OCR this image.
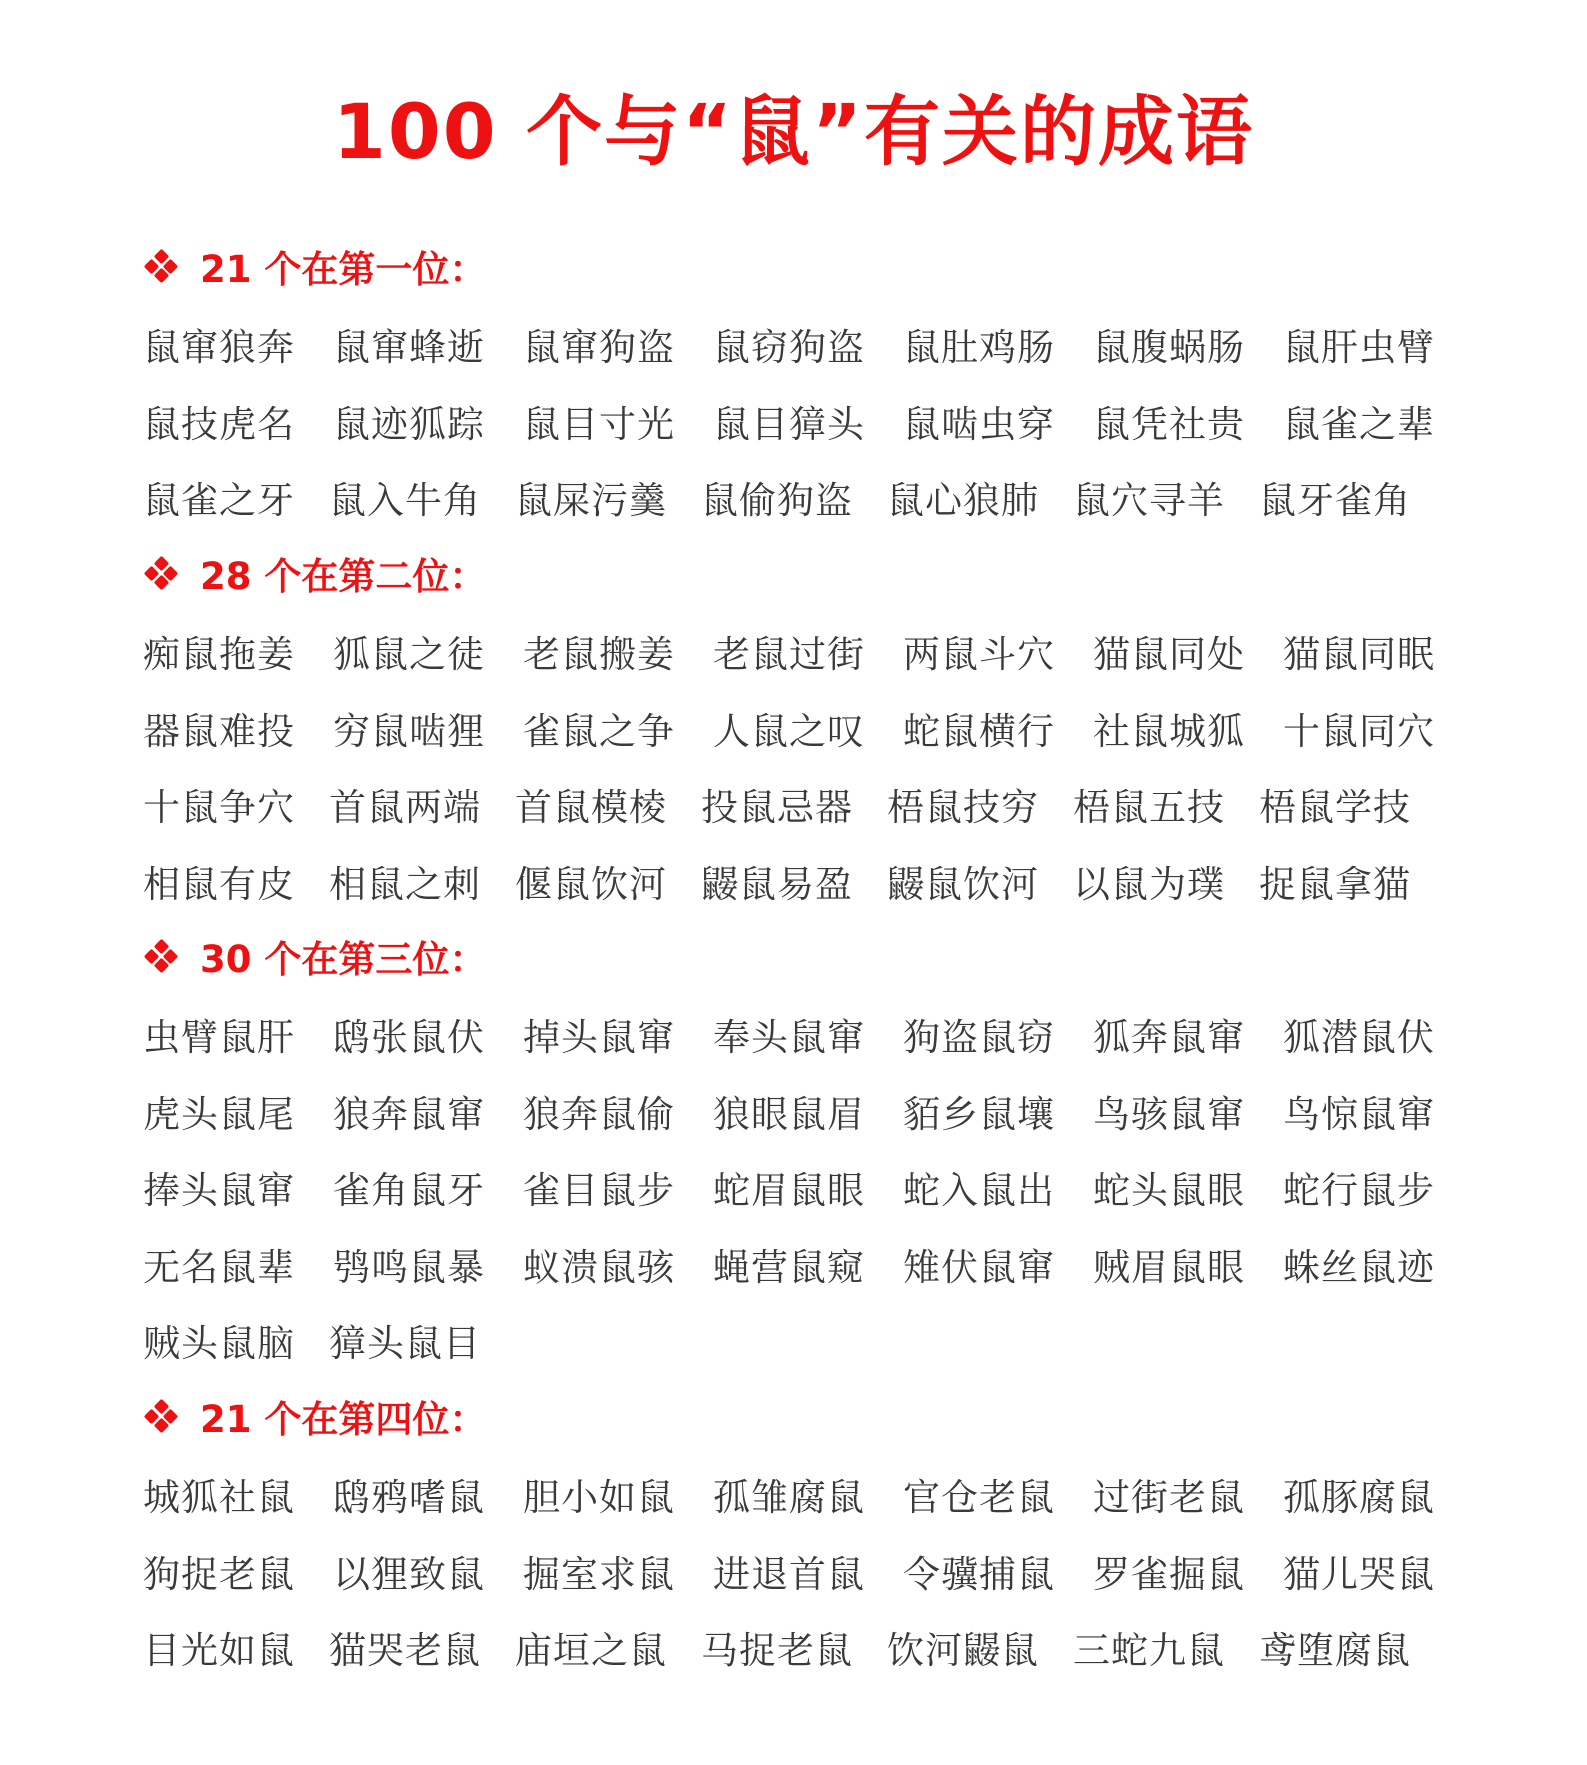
100 个与“鼠”有关的成语
21 个在第一位：
鼠窜狼奔	鼠窜蜂逝	鼠窜狗盗	鼠窃狗盗	鼠肚鸡肠	鼠腹蜗肠	鼠肝虫臂
鼠技虎名	鼠迹狐踪	鼠目寸光	鼠目獐头	鼠啮虫穿	鼠凭社贵	鼠雀之辈
鼠雀之牙 鼠入牛角 鼠屎污羹 鼠偷狗盗 鼠心狼肺 鼠穴寻羊 鼠牙雀角
28 个在第二位：
痴鼠拖姜	狐鼠之徒	老鼠搬姜	老鼠过街	两鼠斗穴	猫鼠同处	猫鼠同眠
器鼠难投	穷鼠啮狸	雀鼠之争	人鼠之叹	蛇鼠横行	社鼠城狐	十鼠同穴
十鼠争穴 首鼠两端 首鼠模棱 投鼠忌器 梧鼠技穷 梧鼠五技 梧鼠学技
相鼠有皮 相鼠之刺 偃鼠饮河 鼹鼠易盈 鼹鼠饮河 以鼠为璞 捉鼠拿猫
30 个在第三位：
虫臂鼠肝	鸱张鼠伏	掉头鼠窜	奉头鼠窜	狗盗鼠窃	狐奔鼠窜	狐潜鼠伏
虎头鼠尾	狼奔鼠窜	狼奔鼠偷	狼眼鼠眉	貊乡鼠壤	鸟骇鼠窜	鸟惊鼠窜
捧头鼠窜	雀角鼠牙	雀目鼠步	蛇眉鼠眼	蛇入鼠出	蛇头鼠眼	蛇行鼠步
无名鼠辈	鸮鸣鼠暴	蚁溃鼠骇	蝇营鼠窥	雉伏鼠窜	贼眉鼠眼	蛛丝鼠迹
贼头鼠脑 獐头鼠目
21 个在第四位：
城狐社鼠	鸱鸦嗜鼠	胆小如鼠	孤雏腐鼠	官仓老鼠	过街老鼠	孤豚腐鼠
狗捉老鼠	以狸致鼠	掘室求鼠	进退首鼠	令骥捕鼠	罗雀掘鼠	猫儿哭鼠
目光如鼠 猫哭老鼠 庙垣之鼠 马捉老鼠 饮河鼹鼠 三蛇九鼠 鸢堕腐鼠
